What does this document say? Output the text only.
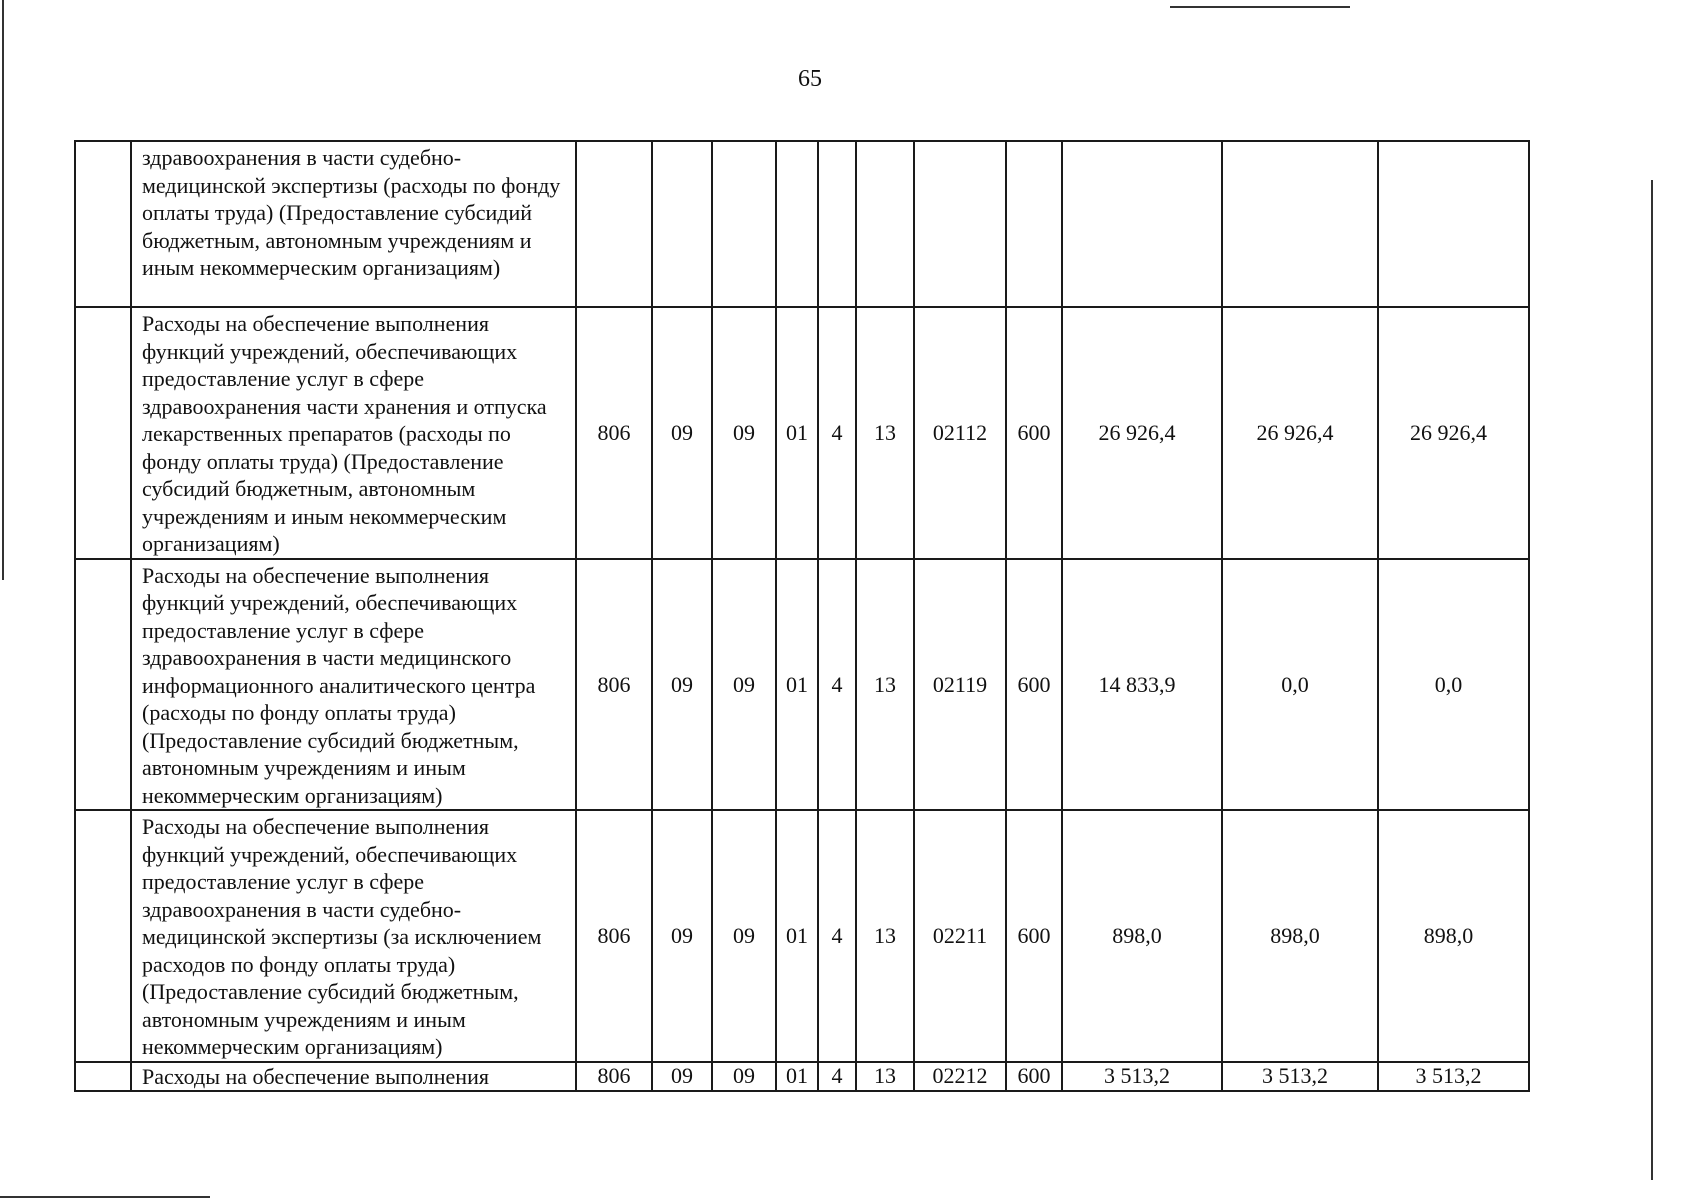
65
	здравоохранения в части судебно-медицинской экспертизы (расходы по фонду оплаты труда) (Предоставление субсидий бюджетным, автономным учреждениям и иным некоммерческим организациям)											
	Расходы на обеспечение выполнения функций учреждений, обеспечивающих предоставление услуг в сфере здравоохранения части хранения и отпуска лекарственных препаратов (расходы по фонду оплаты труда) (Предоставление субсидий бюджетным, автономным учреждениям и иным некоммерческим организациям)	806	09	09	01	4	13	02112	600	26 926,4	26 926,4	26 926,4
	Расходы на обеспечение выполнения функций учреждений, обеспечивающих предоставление услуг в сфере здравоохранения в части медицинского информационного аналитического центра (расходы по фонду оплаты труда) (Предоставление субсидий бюджетным, автономным учреждениям и иным некоммерческим организациям)	806	09	09	01	4	13	02119	600	14 833,9	0,0	0,0
	Расходы на обеспечение выполнения функций учреждений, обеспечивающих предоставление услуг в сфере здравоохранения в части судебно-медицинской экспертизы (за исключением расходов по фонду оплаты труда) (Предоставление субсидий бюджетным, автономным учреждениям и иным некоммерческим организациям)	806	09	09	01	4	13	02211	600	898,0	898,0	898,0
	Расходы на обеспечение выполнения	806	09	09	01	4	13	02212	600	3 513,2	3 513,2	3 513,2
